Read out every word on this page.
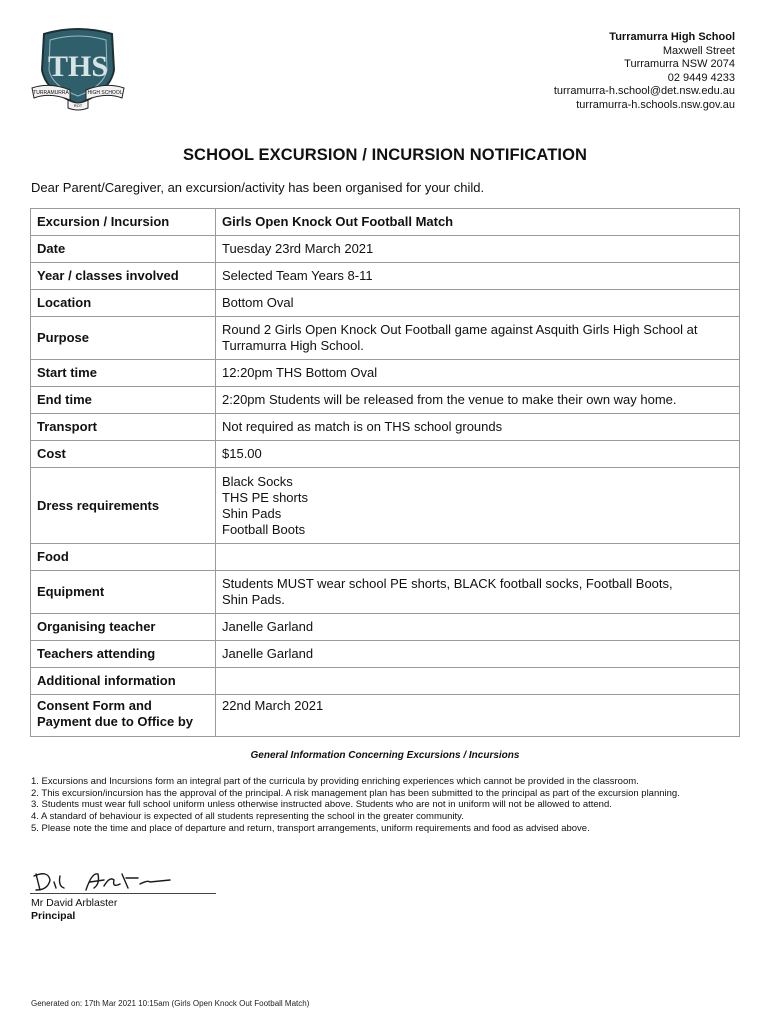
THS
TURRAMURRA	HIGH SCHOOL
ROT
Turramurra High School
Maxwell Street
Turramurra NSW 2074
02 9449 4233
turramurra-h.school@det.nsw.edu.au
turramurra-h.schools.nsw.gov.au
SCHOOL EXCURSION / INCURSION NOTIFICATION
Dear Parent/Caregiver, an excursion/activity has been organised for your child.
Excursion / Incursion	Girls Open Knock Out Football Match
Date	Tuesday 23rd March 2021
Year / classes involved	Selected Team Years 8-11
Location	Bottom Oval
Purpose	Round 2 Girls Open Knock Out Football game against Asquith Girls High School at
Turramurra High School.

Start time	12:20pm THS Bottom Oval
End time	2:20pm Students will be released from the venue to make their own way home.
Transport	Not required as match is on THS school grounds
Cost	$15.00
Dress requirements	Black Socks
THS PE shorts
Shin Pads
Football Boots

Food	
Equipment	Students MUST wear school PE shorts, BLACK football socks, Football Boots,
Shin Pads.

Organising teacher	Janelle Garland
Teachers attending	Janelle Garland
Additional information	

Consent Form and
Payment due to Office by	22nd March 2021
General Information Concerning Excursions / Incursions
1. Excursions and Incursions form an integral part of the curricula by providing enriching experiences which cannot be provided in the classroom.
2. This excursion/incursion has the approval of the principal. A risk management plan has been submitted to the principal as part of the excursion planning.
3. Students must wear full school uniform unless otherwise instructed above. Students who are not in uniform will not be allowed to attend.
4. A standard of behaviour is expected of all students representing the school in the greater community.
5. Please note the time and place of departure and return, transport arrangements, uniform requirements and food as advised above.
Mr David Arblaster
Principal
Generated on: 17th Mar 2021 10:15am (Girls Open Knock Out Football Match)
